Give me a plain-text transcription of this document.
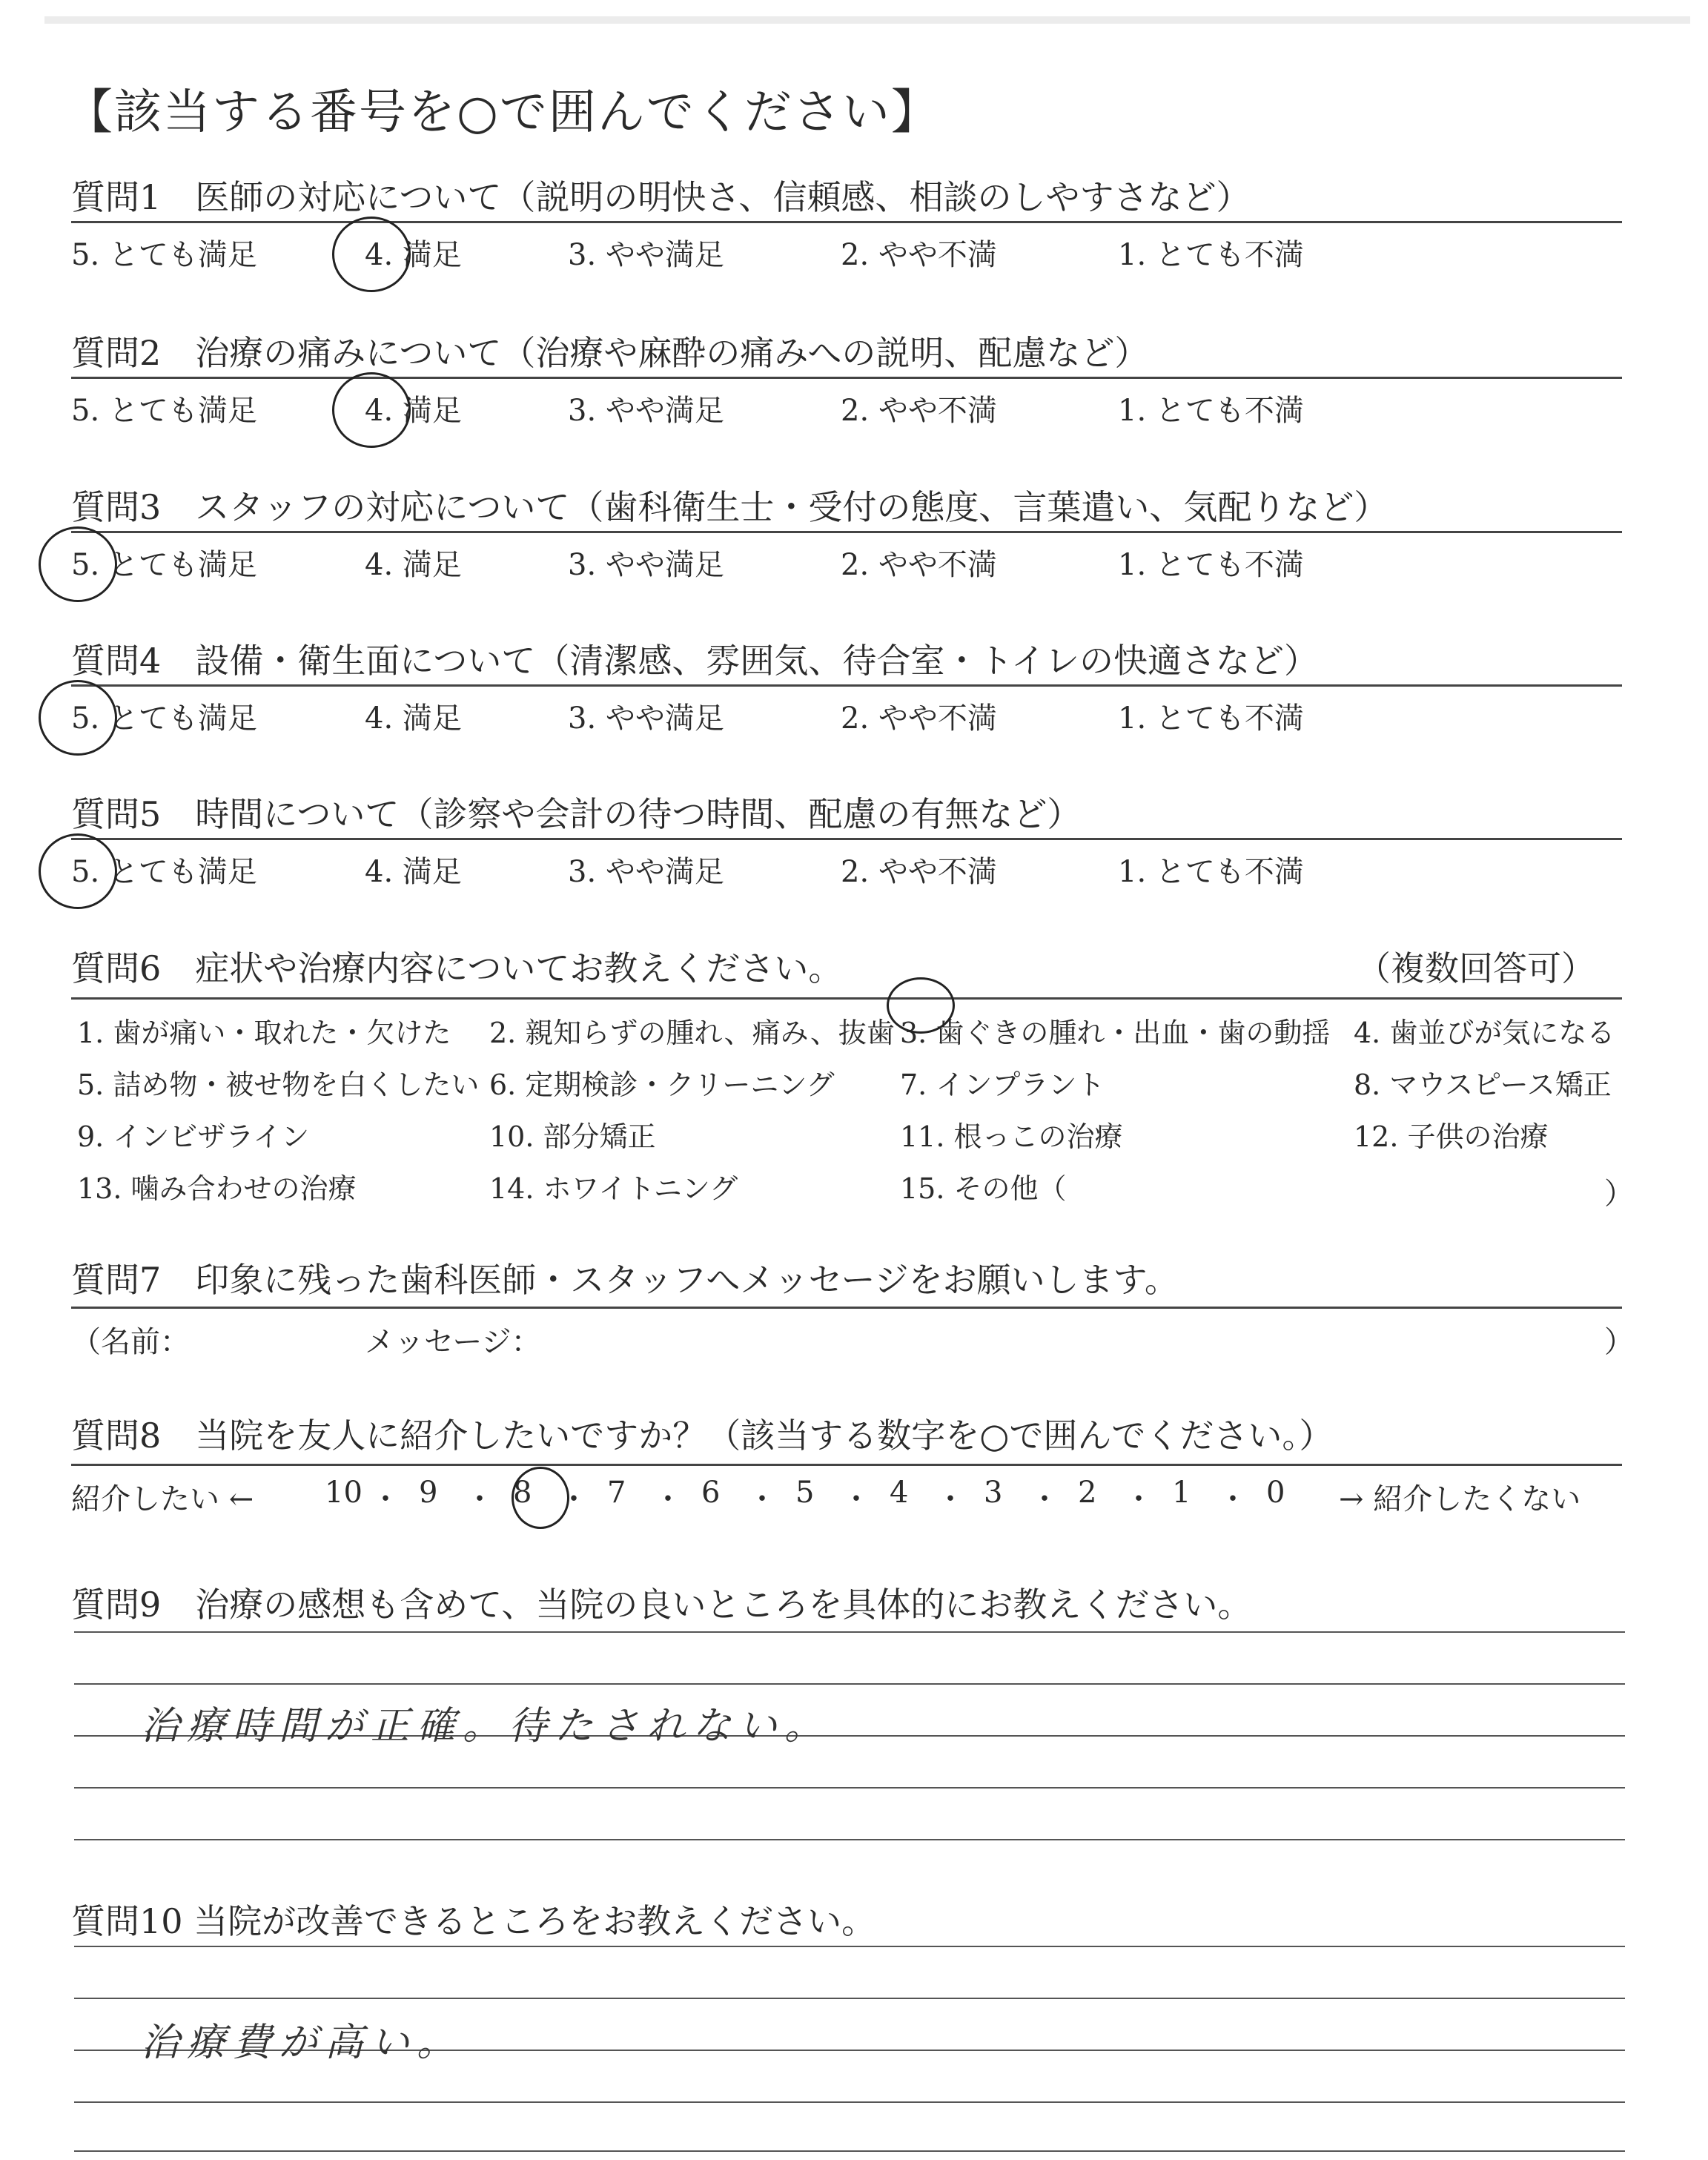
【該当する番号を○で囲んでください】
質問1　医師の対応について（説明の明快さ、信頼感、相談のしやすさなど）
5. とても満足	4. 満足	3. やや満足	2. やや不満	1. とても不満
質問2　治療の痛みについて（治療や麻酔の痛みへの説明、配慮など）
5. とても満足	4. 満足	3. やや満足	2. やや不満	1. とても不満
質問3　スタッフの対応について（歯科衛生士・受付の態度、言葉遣い、気配りなど）
5. とても満足	4. 満足	3. やや満足	2. やや不満	1. とても不満
質問4　設備・衛生面について（清潔感、雰囲気、待合室・トイレの快適さなど）
5. とても満足	4. 満足	3. やや満足	2. やや不満	1. とても不満
質問5　時間について（診察や会計の待つ時間、配慮の有無など）
5. とても満足	4. 満足	3. やや満足	2. やや不満	1. とても不満
質問6　症状や治療内容についてお教えください。	（複数回答可）
1. 歯が痛い・取れた・欠けた 2. 親知らずの腫れ、痛み、抜歯 3. 歯ぐきの腫れ・出血・歯の動揺 4. 歯並びが気になる
5. 詰め物・被せ物を白くしたい 6. 定期検診・クリーニング 7. インプラント	8. マウスピース矯正
9. インビザライン	10. 部分矯正	11. 根っこの治療	12. 子供の治療
13. 噛み合わせの治療	14. ホワイトニング	15. その他（	）
質問7　印象に残った歯科医師・スタッフへメッセージをお願いします。
（名前：	メッセージ：	）
質問8　当院を友人に紹介したいですか？（該当する数字を○で囲んでください。）
紹介したい ← 10 ・ 9 ・ 8 ・ 7 ・ 6 ・ 5 ・ 4 ・ 3 ・ 2 ・ 1 ・ 0 → 紹介したくない
質問9　治療の感想も含めて、当院の良いところを具体的にお教えください。
治療時間が正確。待たされない。
質問10 当院が改善できるところをお教えください。
治療費が高い。
